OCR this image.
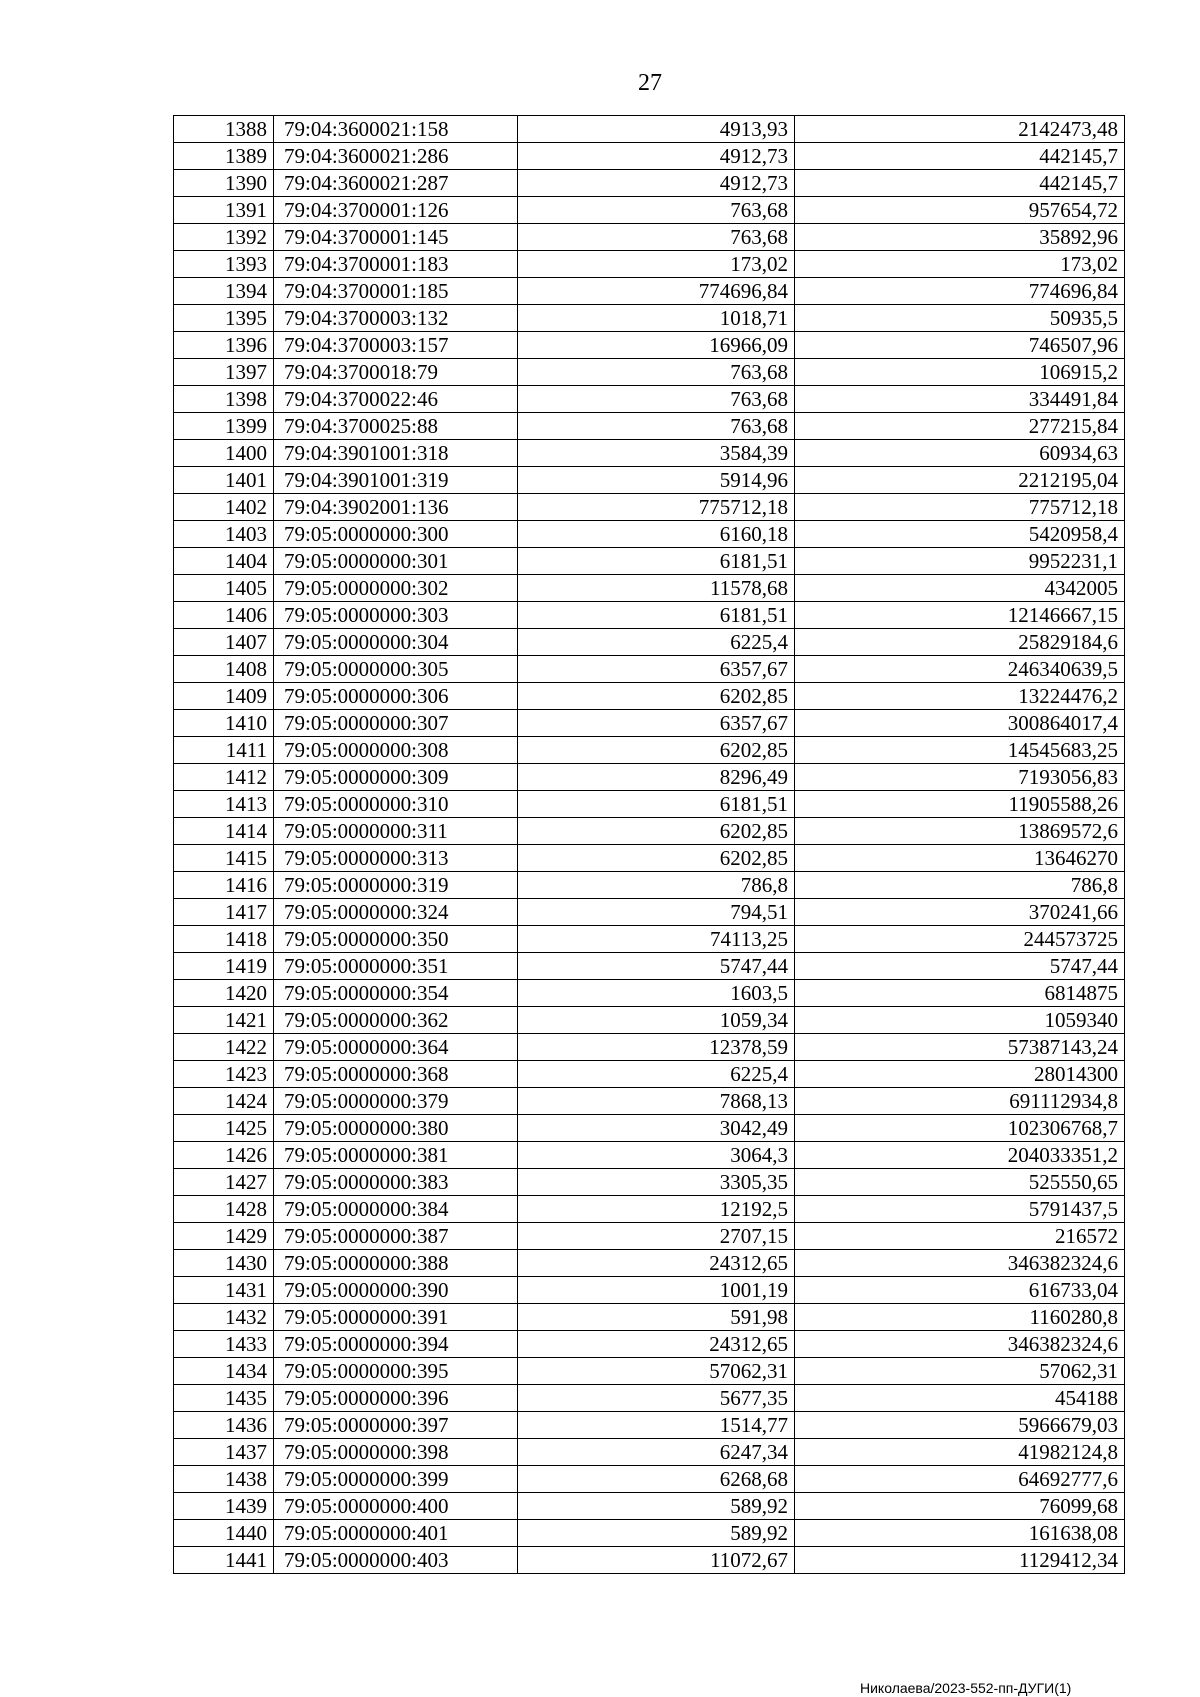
27
1388	79:04:3600021:158	4913,93	2142473,48
1389	79:04:3600021:286	4912,73	442145,7
1390	79:04:3600021:287	4912,73	442145,7
1391	79:04:3700001:126	763,68	957654,72
1392	79:04:3700001:145	763,68	35892,96
1393	79:04:3700001:183	173,02	173,02
1394	79:04:3700001:185	774696,84	774696,84
1395	79:04:3700003:132	1018,71	50935,5
1396	79:04:3700003:157	16966,09	746507,96
1397	79:04:3700018:79	763,68	106915,2
1398	79:04:3700022:46	763,68	334491,84
1399	79:04:3700025:88	763,68	277215,84
1400	79:04:3901001:318	3584,39	60934,63
1401	79:04:3901001:319	5914,96	2212195,04
1402	79:04:3902001:136	775712,18	775712,18
1403	79:05:0000000:300	6160,18	5420958,4
1404	79:05:0000000:301	6181,51	9952231,1
1405	79:05:0000000:302	11578,68	4342005
1406	79:05:0000000:303	6181,51	12146667,15
1407	79:05:0000000:304	6225,4	25829184,6
1408	79:05:0000000:305	6357,67	246340639,5
1409	79:05:0000000:306	6202,85	13224476,2
1410	79:05:0000000:307	6357,67	300864017,4
1411	79:05:0000000:308	6202,85	14545683,25
1412	79:05:0000000:309	8296,49	7193056,83
1413	79:05:0000000:310	6181,51	11905588,26
1414	79:05:0000000:311	6202,85	13869572,6
1415	79:05:0000000:313	6202,85	13646270
1416	79:05:0000000:319	786,8	786,8
1417	79:05:0000000:324	794,51	370241,66
1418	79:05:0000000:350	74113,25	244573725
1419	79:05:0000000:351	5747,44	5747,44
1420	79:05:0000000:354	1603,5	6814875
1421	79:05:0000000:362	1059,34	1059340
1422	79:05:0000000:364	12378,59	57387143,24
1423	79:05:0000000:368	6225,4	28014300
1424	79:05:0000000:379	7868,13	691112934,8
1425	79:05:0000000:380	3042,49	102306768,7
1426	79:05:0000000:381	3064,3	204033351,2
1427	79:05:0000000:383	3305,35	525550,65
1428	79:05:0000000:384	12192,5	5791437,5
1429	79:05:0000000:387	2707,15	216572
1430	79:05:0000000:388	24312,65	346382324,6
1431	79:05:0000000:390	1001,19	616733,04
1432	79:05:0000000:391	591,98	1160280,8
1433	79:05:0000000:394	24312,65	346382324,6
1434	79:05:0000000:395	57062,31	57062,31
1435	79:05:0000000:396	5677,35	454188
1436	79:05:0000000:397	1514,77	5966679,03
1437	79:05:0000000:398	6247,34	41982124,8
1438	79:05:0000000:399	6268,68	64692777,6
1439	79:05:0000000:400	589,92	76099,68
1440	79:05:0000000:401	589,92	161638,08
1441	79:05:0000000:403	11072,67	1129412,34
Николаева/2023-552-пп-ДУГИ(1)
